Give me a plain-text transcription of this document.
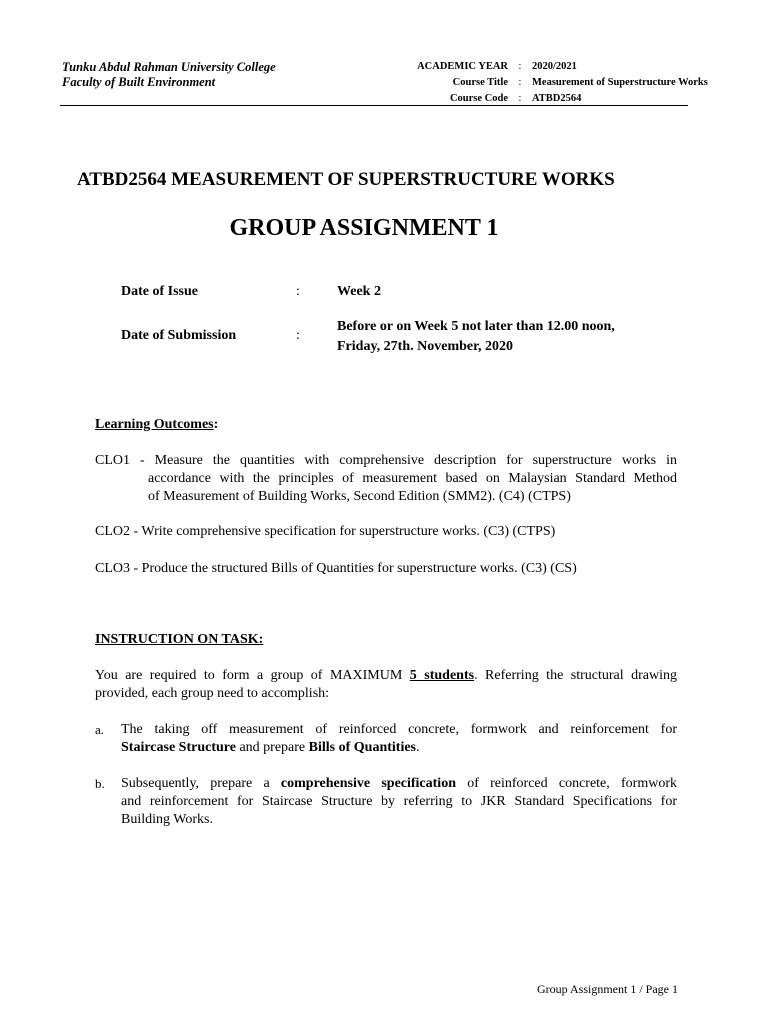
Tunku Abdul Rahman University College
Faculty of Built Environment
ACADEMIC YEAR	:	2020/2021
Course Title	:	Measurement of Superstructure Works
Course Code	:	ATBD2564
ATBD2564 MEASUREMENT OF SUPERSTRUCTURE WORKS
GROUP ASSIGNMENT 1
Date of Issue	:	Week 2
Date of Submission	:
Before or on Week 5 not later than 12.00 noon,
Friday, 27th. November, 2020
Learning Outcomes:
CLO1 - Measure the quantities with comprehensive description for superstructure works in
accordance with the principles of measurement based on Malaysian Standard Method
of Measurement of Building Works, Second Edition (SMM2). (C4) (CTPS)
CLO2 - Write comprehensive specification for superstructure works. (C3) (CTPS)
CLO3 - Produce the structured Bills of Quantities for superstructure works. (C3) (CS)
INSTRUCTION ON TASK:
You are required to form a group of MAXIMUM 5 students. Referring the structural drawing
provided, each group need to accomplish:
a. The taking off measurement of reinforced concrete, formwork and reinforcement for
Staircase Structure and prepare Bills of Quantities.
b. Subsequently, prepare a comprehensive specification of reinforced concrete, formwork
and reinforcement for Staircase Structure by referring to JKR Standard Specifications for
Building Works.
Group Assignment 1 / Page 1
